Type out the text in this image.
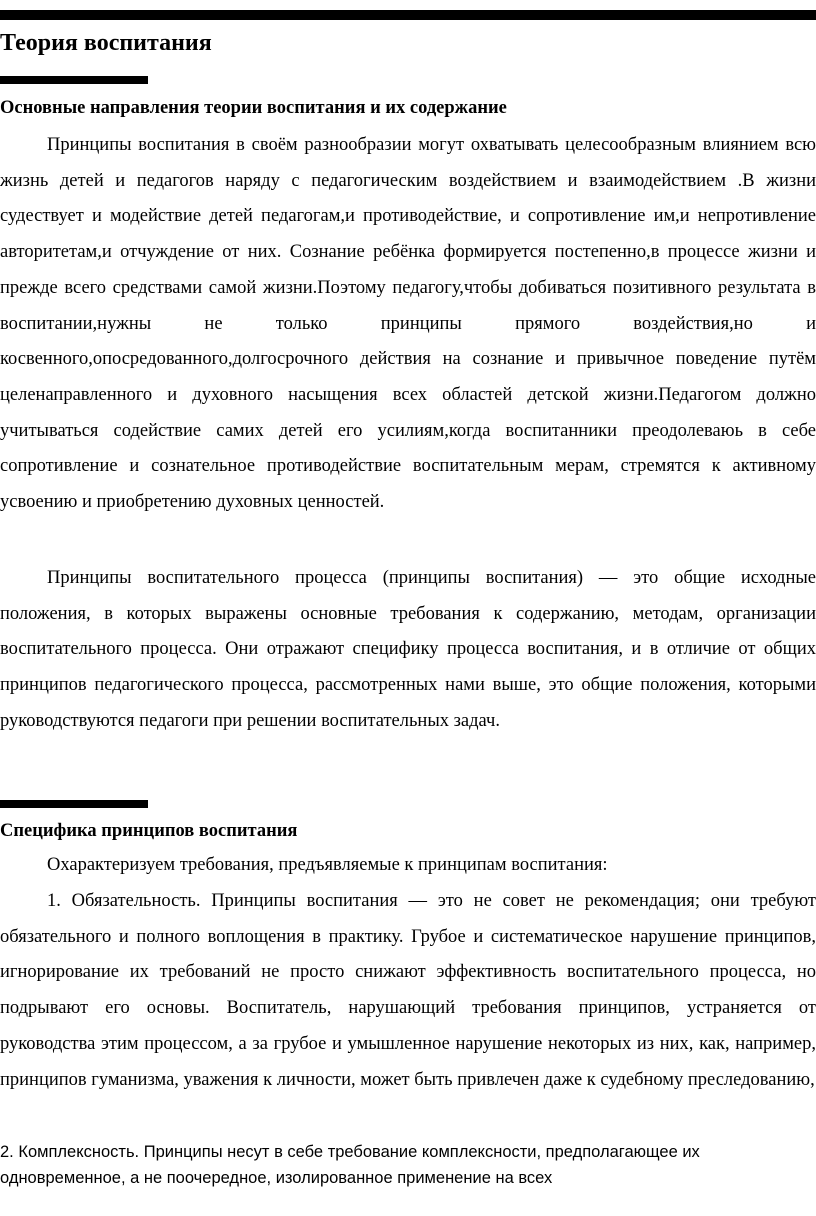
Теория воспитания
Основные направления теории воспитания и их содержание

Принципы воспитания в своём разнообразии могут охватывать целесообразным влиянием всю жизнь детей и педагогов наряду с педагогическим воздействием и взаимодействием .В жизни судествует и модействие детей педагогам,и противодействие, и сопротивление им,и непротивление авторитетам,и отчуждение от них. Сознание ребёнка формируется постепенно,в процессе жизни и прежде всего средствами самой жизни.Поэтому педагогу,чтобы добиваться позитивного результата в воспитании,нужны не только принципы прямого воздействия,но и косвенного,опосредованного,долгосрочного действия на сознание и привычное поведение путём целенаправленного и духовного насыщения всех областей детской жизни.Педагогом должно учитываться содействие самих детей его усилиям,когда воспитанники преодолеваюь в себе сопротивление и сознательное противодействие воспитательным мерам, стремятся к активному усвоению и приобретению духовных ценностей.

Принципы воспитательного процесса (принципы воспитания) — это общие исходные положения, в которых выражены основные требования к содержанию, методам, организации воспитательного процесса. Они отражают специфику процесса воспитания, и в отличие от общих принципов педагогического процесса, рассмотренных нами выше, это общие положения, которыми руководствуются педагоги при решении воспитательных задач.

Специфика принципов воспитания

Охарактеризуем требования, предъявляемые к принципам воспитания:

1. Обязательность. Принципы воспитания — это не совет не рекомендация; они требуют обязательного и полного воплощения в практику. Грубое и систематическое нарушение принципов, игнорирование их требований не просто снижают эффективность воспитательного процесса, но подрывают его основы. Воспитатель, нарушающий требования принципов, устраняется от руководства этим процессом, а за грубое и умышленное нарушение некоторых из них, как, например, принципов гуманизма, уважения к личности, может быть привлечен даже к судебному преследованию,

2. Комплексность. Принципы несут в себе требование комплексности, предполагающее их одновременное, а не поочередное, изолированное применение на всех
